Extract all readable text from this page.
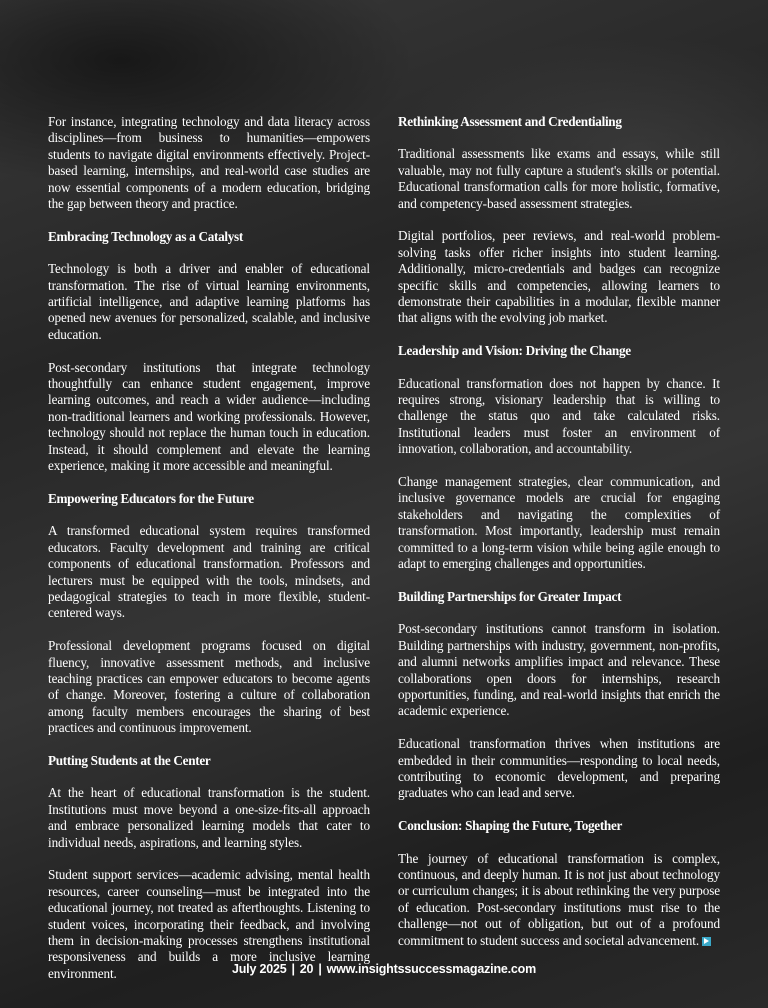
For instance, integrating technology and data literacy across disciplines—from business to humanities—empowers students to navigate digital environments effectively. Project-based learning, internships, and real-world case studies are now essential components of a modern education, bridging the gap between theory and practice.

Embracing Technology as a Catalyst

Technology is both a driver and enabler of educational transformation. The rise of virtual learning environments, artificial intelligence, and adaptive learning platforms has opened new avenues for personalized, scalable, and inclusive education.

Post-secondary institutions that integrate technology thoughtfully can enhance student engagement, improve learning outcomes, and reach a wider audience—including non-traditional learners and working professionals. However, technology should not replace the human touch in education. Instead, it should complement and elevate the learning experience, making it more accessible and meaningful.

Empowering Educators for the Future

A transformed educational system requires transformed educators. Faculty development and training are critical components of educational transformation. Professors and lecturers must be equipped with the tools, mindsets, and pedagogical strategies to teach in more flexible, student-centered ways.

Professional development programs focused on digital fluency, innovative assessment methods, and inclusive teaching practices can empower educators to become agents of change. Moreover, fostering a culture of collaboration among faculty members encourages the sharing of best practices and continuous improvement.

Putting Students at the Center

At the heart of educational transformation is the student. Institutions must move beyond a one-size-fits-all approach and embrace personalized learning models that cater to individual needs, aspirations, and learning styles.

Student support services—academic advising, mental health resources, career counseling—must be integrated into the educational journey, not treated as afterthoughts. Listening to student voices, incorporating their feedback, and involving them in decision-making processes strengthens institutional responsiveness and builds a more inclusive learning environment.

Rethinking Assessment and Credentialing

Traditional assessments like exams and essays, while still valuable, may not fully capture a student's skills or potential. Educational transformation calls for more holistic, formative, and competency-based assessment strategies.

Digital portfolios, peer reviews, and real-world problem-solving tasks offer richer insights into student learning. Additionally, micro-credentials and badges can recognize specific skills and competencies, allowing learners to demonstrate their capabilities in a modular, flexible manner that aligns with the evolving job market.

Leadership and Vision: Driving the Change

Educational transformation does not happen by chance. It requires strong, visionary leadership that is willing to challenge the status quo and take calculated risks. Institutional leaders must foster an environment of innovation, collaboration, and accountability.

Change management strategies, clear communication, and inclusive governance models are crucial for engaging stakeholders and navigating the complexities of transformation. Most importantly, leadership must remain committed to a long-term vision while being agile enough to adapt to emerging challenges and opportunities.

Building Partnerships for Greater Impact

Post-secondary institutions cannot transform in isolation. Building partnerships with industry, government, non-profits, and alumni networks amplifies impact and relevance. These collaborations open doors for internships, research opportunities, funding, and real-world insights that enrich the academic experience.

Educational transformation thrives when institutions are embedded in their communities—responding to local needs, contributing to economic development, and preparing graduates who can lead and serve.

Conclusion: Shaping the Future, Together

The journey of educational transformation is complex, continuous, and deeply human. It is not just about technology or curriculum changes; it is about rethinking the very purpose of education. Post-secondary institutions must rise to the challenge—not out of obligation, but out of a profound commitment to student success and societal advancement.

July 2025 | 20 | www.insightssuccessmagazine.com
